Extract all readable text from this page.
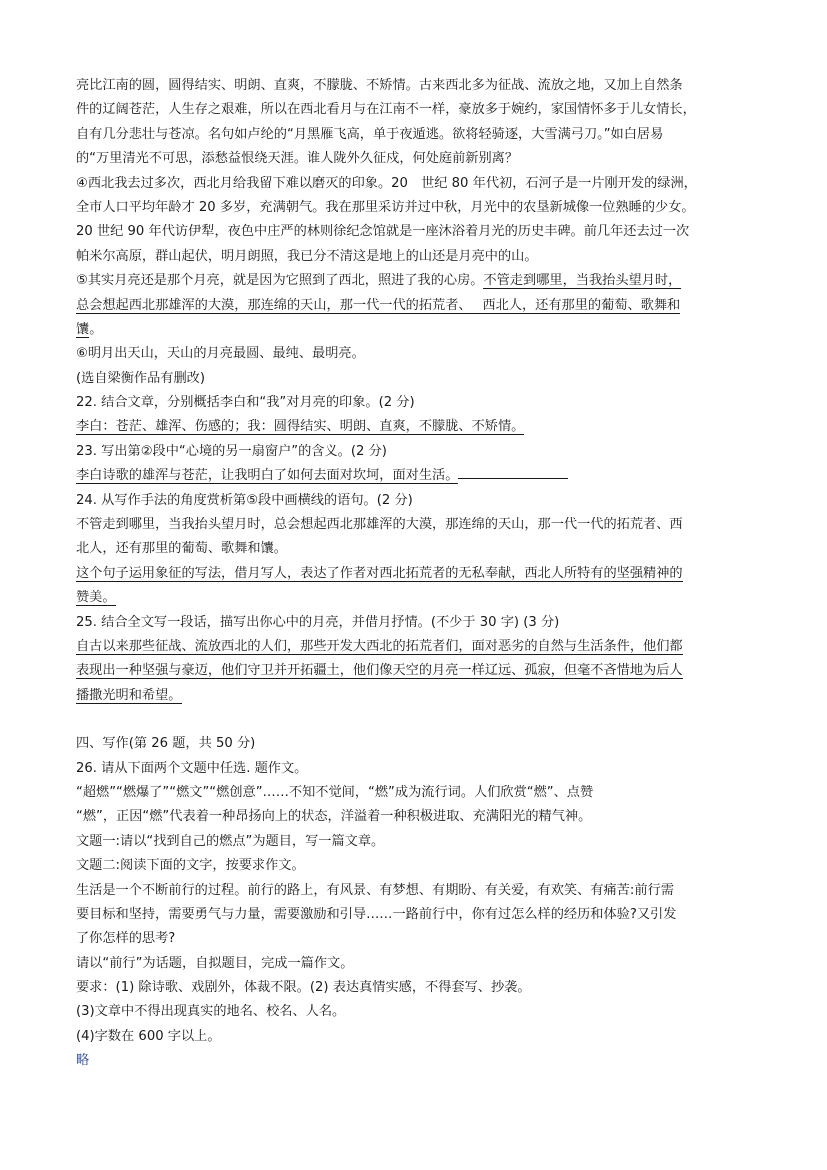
亮比江南的圆，圆得结实、明朗、直爽，不朦胧、不矫情。古来西北多为征战、流放之地，又加上自然条
件的辽阔苍茫，人生存之艰难，所以在西北看月与在江南不一样，豪放多于婉约，家国情怀多于儿女情长，
自有几分悲壮与苍凉。名句如卢纶的“月黑雁飞高，单于夜遁逃。欲将轻骑逐，大雪满弓刀。”如白居易
的“万里清光不可思，添愁益恨绕天涯。谁人陇外久征戍，何处庭前新别离？
④西北我去过多次，西北月给我留下难以磨灭的印象。20　世纪 80 年代初，石河子是一片刚开发的绿洲，
全市人口平均年龄才 20 多岁，充满朝气。我在那里采访并过中秋，月光中的农垦新城像一位熟睡的少女。
20 世纪 90 年代访伊犁，夜色中庄严的林则徐纪念馆就是一座沐浴着月光的历史丰碑。前几年还去过一次
帕米尔高原，群山起伏，明月朗照，我已分不清这是地上的山还是月亮中的山。
⑤其实月亮还是那个月亮，就是因为它照到了西北，照进了我的心房。不管走到哪里，当我抬头望月时，
总会想起西北那雄浑的大漠，那连绵的天山，那一代一代的拓荒者、　 西北人，还有那里的葡萄、歌舞和
馕。
⑥明月出天山，天山的月亮最圆、最纯、最明亮。
(选自梁衡作品有删改)
22. 结合文章，分别概括李白和“我”对月亮的印象。(2 分)
李白：苍茫、雄浑、伤感的；我：圆得结实、明朗、直爽，不朦胧、不矫情。
23. 写出第②段中“心境的另一扇窗户”的含义。(2 分)
李白诗歌的雄浑与苍茫，让我明白了如何去面对坎坷，面对生活。
24. 从写作手法的角度赏析第⑤段中画横线的语句。(2 分)
不管走到哪里，当我抬头望月时，总会想起西北那雄浑的大漠，那连绵的天山，那一代一代的拓荒者、西
北人，还有那里的葡萄、歌舞和馕。
这个句子运用象征的写法，借月写人，表达了作者对西北拓荒者的无私奉献，西北人所特有的坚强精神的
赞美。
25. 结合全文写一段话，描写出你心中的月亮，并借月抒情。(不少于 30 字) (3 分)
自古以来那些征战、流放西北的人们，那些开发大西北的拓荒者们，面对恶劣的自然与生活条件，他们都
表现出一种坚强与豪迈，他们守卫并开拓疆土，他们像天空的月亮一样辽远、孤寂，但毫不吝惜地为后人
播撒光明和希望。
四、写作(第 26 题，共 50 分)
26. 请从下面两个文题中任选. 题作文。
“超燃”“燃爆了”“燃文”“燃创意”……不知不觉间，“燃”成为流行词。人们欣赏“燃”、点赞
“燃”，正因“燃”代表着一种昂扬向上的状态，洋溢着一种积极进取、充满阳光的精气神。
文题一:请以“找到自己的燃点”为题目，写一篇文章。
文题二:阅读下面的文字，按要求作文。
生活是一个不断前行的过程。前行的路上，有风景、有梦想、有期盼、有关爱，有欢笑、有痛苦:前行需
要目标和坚持，需要勇气与力量，需要激励和引导……一路前行中，你有过怎么样的经历和体验?又引发
了你怎样的思考?
请以“前行”为话题，自拟题目，完成一篇作文。
要求：(1) 除诗歌、戏剧外，体裁不限。(2) 表达真情实感，不得套写、抄袭。
(3)文章中不得出现真实的地名、校名、人名。
(4)字数在 600 字以上。
略
